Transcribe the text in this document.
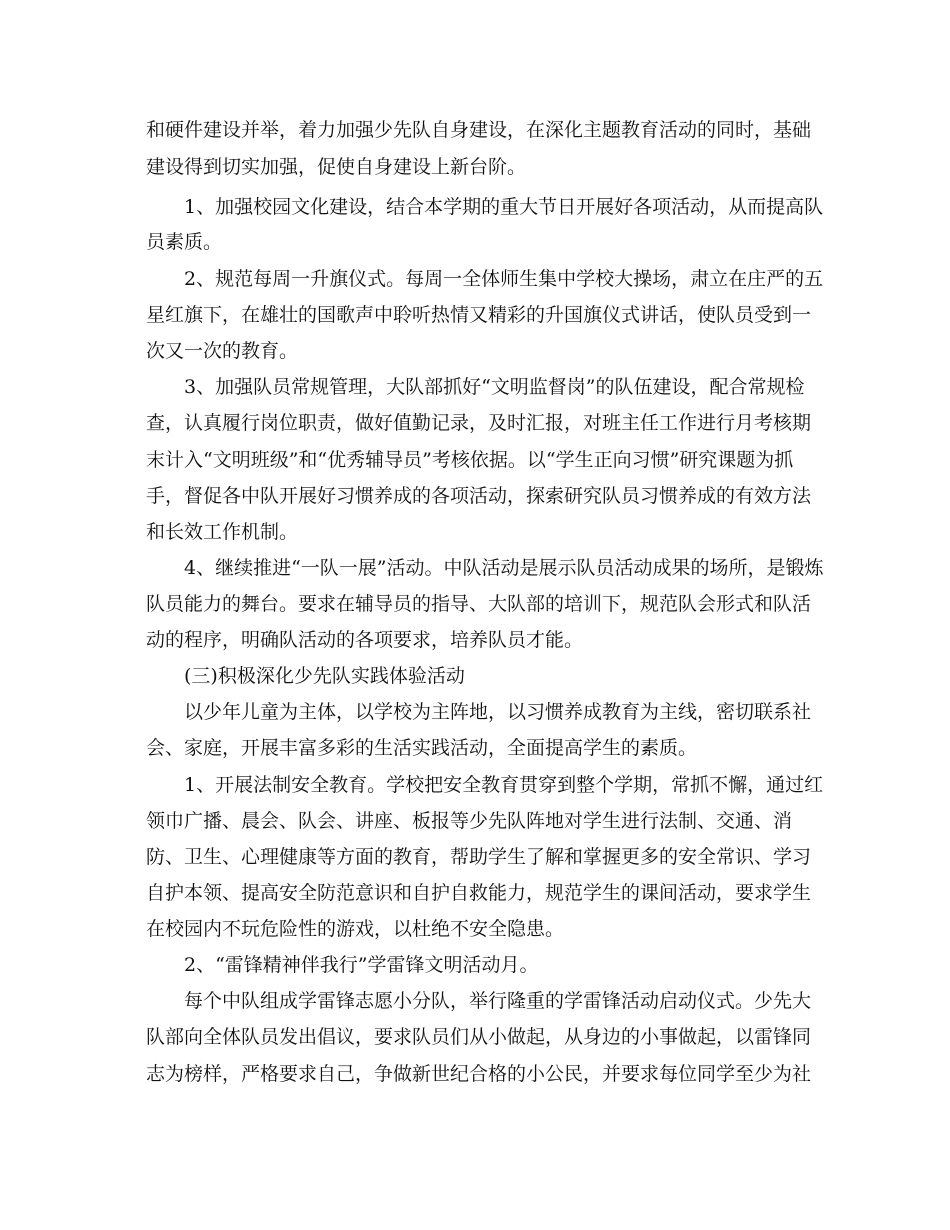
和硬件建设并举，着力加强少先队自身建设，在深化主题教育活动的同时，基础
建设得到切实加强，促使自身建设上新台阶。
1、加强校园文化建设，结合本学期的重大节日开展好各项活动，从而提高队
员素质。
2、规范每周一升旗仪式。每周一全体师生集中学校大操场，肃立在庄严的五
星红旗下，在雄壮的国歌声中聆听热情又精彩的升国旗仪式讲话，使队员受到一
次又一次的教育。
3、加强队员常规管理，大队部抓好“文明监督岗”的队伍建设，配合常规检
查，认真履行岗位职责，做好值勤记录，及时汇报，对班主任工作进行月考核期
末计入“文明班级”和“优秀辅导员”考核依据。以“学生正向习惯”研究课题为抓
手，督促各中队开展好习惯养成的各项活动，探索研究队员习惯养成的有效方法
和长效工作机制。
4、继续推进“一队一展”活动。中队活动是展示队员活动成果的场所，是锻炼
队员能力的舞台。要求在辅导员的指导、大队部的培训下，规范队会形式和队活
动的程序，明确队活动的各项要求，培养队员才能。
(三)积极深化少先队实践体验活动
以少年儿童为主体，以学校为主阵地，以习惯养成教育为主线，密切联系社
会、家庭，开展丰富多彩的生活实践活动，全面提高学生的素质。
1、开展法制安全教育。学校把安全教育贯穿到整个学期，常抓不懈，通过红
领巾广播、晨会、队会、讲座、板报等少先队阵地对学生进行法制、交通、消
防、卫生、心理健康等方面的教育，帮助学生了解和掌握更多的安全常识、学习
自护本领、提高安全防范意识和自护自救能力，规范学生的课间活动，要求学生
在校园内不玩危险性的游戏，以杜绝不安全隐患。
2、“雷锋精神伴我行”学雷锋文明活动月。
每个中队组成学雷锋志愿小分队，举行隆重的学雷锋活动启动仪式。少先大
队部向全体队员发出倡议，要求队员们从小做起，从身边的小事做起，以雷锋同
志为榜样，严格要求自己，争做新世纪合格的小公民，并要求每位同学至少为社
